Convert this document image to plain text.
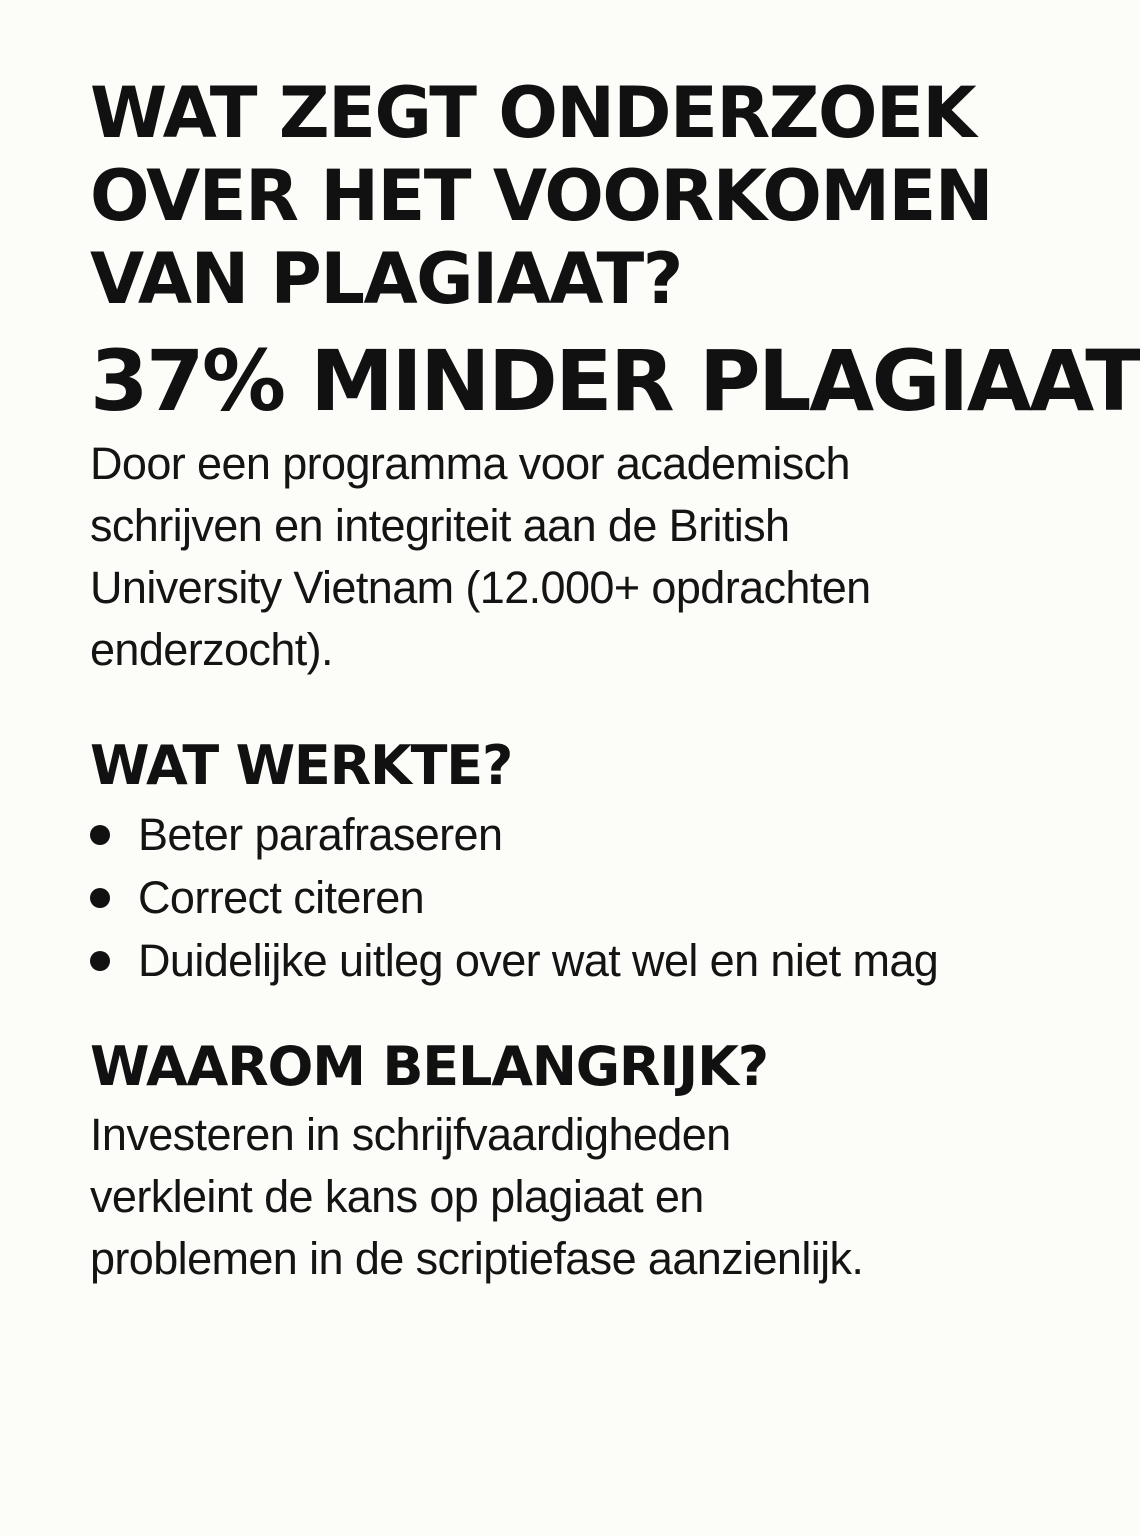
WAT ZEGT ONDERZOEK
OVER HET VOORKOMEN
VAN PLAGIAAT?
37% MINDER PLAGIAAT

Door een programma voor academisch
schrijven en integriteit aan de British
University Vietnam (12.000+ opdrachten
enderzocht).

WAT WERKTE?
Beter parafraseren
Correct citeren
Duidelijke uitleg over wat wel en niet mag
WAAROM BELANGRIJK?

Investeren in schrijfvaardigheden
verkleint de kans op plagiaat en
problemen in de scriptiefase aanzienlijk.
